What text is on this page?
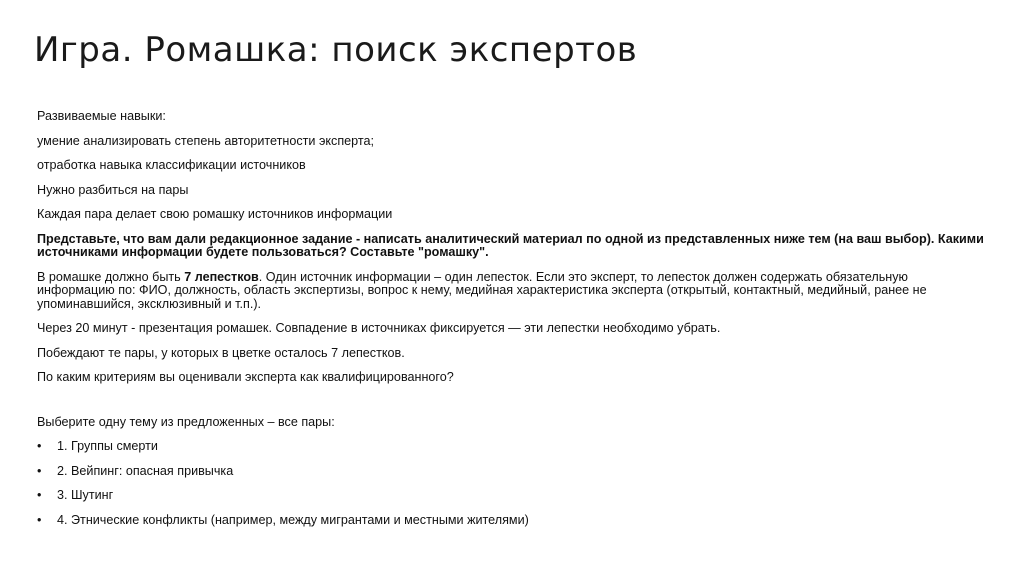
Игра. Ромашка: поиск экспертов

Развиваемые навыки:

умение анализировать степень авторитетности эксперта;

отработка навыка классификации источников

Нужно разбиться на пары

Каждая пара делает свою ромашку источников информации

Представьте, что вам дали редакционное задание - написать аналитический материал по одной из представленных ниже тем (на ваш выбор). Какими источниками информации будете пользоваться? Составьте "ромашку".

В ромашке должно быть 7 лепестков. Один источник информации – один лепесток. Если это эксперт, то лепесток должен содержать обязательную информацию по: ФИО, должность, область экспертизы, вопрос к нему, медийная характеристика эксперта (открытый, контактный, медийный, ранее не упоминавшийся, эксклюзивный и т.п.).

Через 20 минут - презентация ромашек. Совпадение в источниках фиксируется — эти лепестки необходимо убрать.

Побеждают те пары, у которых в цветке осталось 7 лепестков.

По каким критериям вы оценивали эксперта как квалифицированного?

Выберите одну тему из предложенных – все пары:

• 1. Группы смерти
• 2. Вейпинг: опасная привычка
• 3. Шутинг
• 4. Этнические конфликты (например, между мигрантами и местными жителями)
